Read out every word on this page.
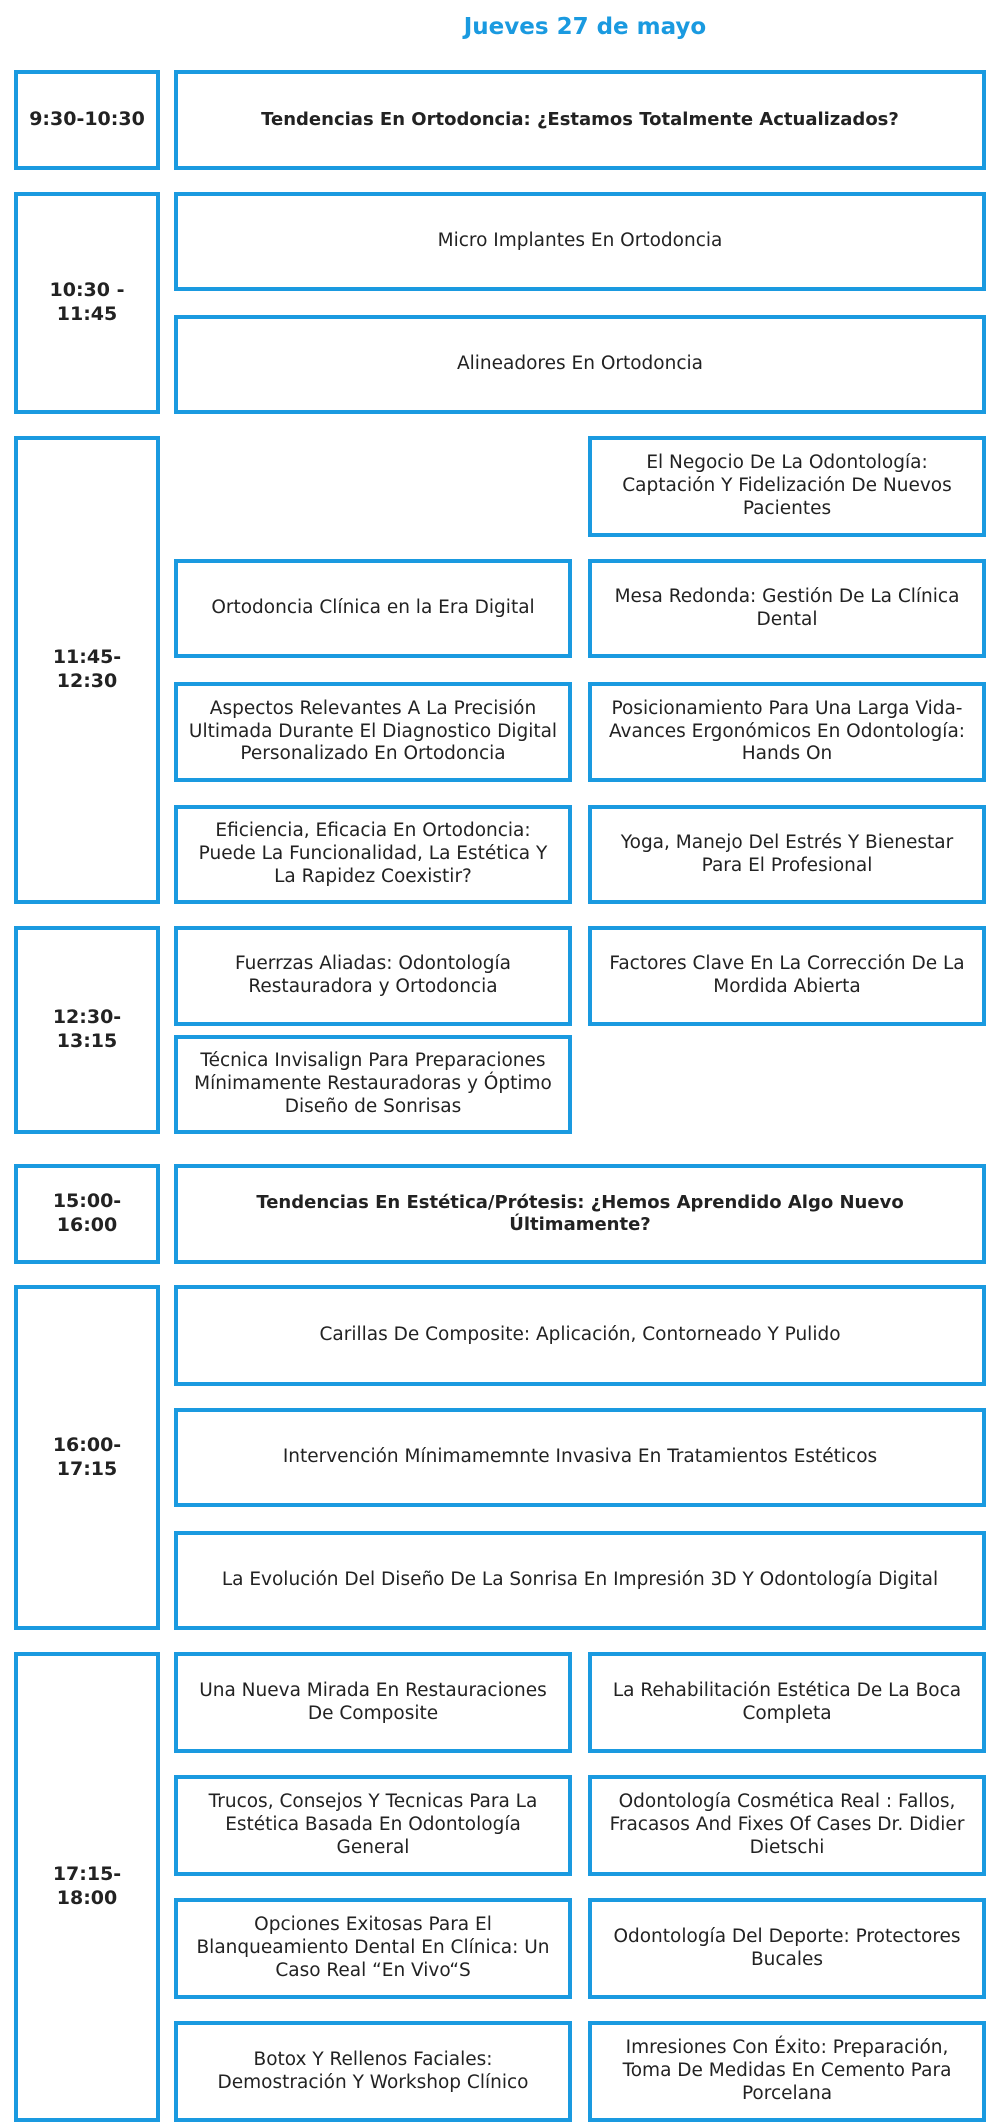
Jueves 27 de mayo
9:30-10:30	Tendencias En Ortodoncia: ¿Estamos Totalmente Actualizados?
10:30 - 11:45
Micro Implantes En Ortodoncia
Alineadores En Ortodoncia
11:45-12:30
El Negocio De La Odontología: Captación Y Fidelización De Nuevos Pacientes
Ortodoncia Clínica en la Era Digital
Mesa Redonda: Gestión De La Clínica Dental
Aspectos Relevantes A La Precisión Ultimada Durante El Diagnostico Digital Personalizado En Ortodoncia
Posicionamiento Para Una Larga Vida- Avances Ergonómicos En Odontología: Hands On
Eficiencia, Eficacia En Ortodoncia: Puede La Funcionalidad, La Estética Y La Rapidez Coexistir?
Yoga, Manejo Del Estrés Y Bienestar Para El Profesional
12:30-13:15
Fuerrzas Aliadas: Odontología Restauradora y Ortodoncia
Factores Clave En La Corrección De La Mordida Abierta
Técnica Invisalign Para Preparaciones Mínimamente Restauradoras y Óptimo Diseño de Sonrisas
15:00-16:00
Tendencias En Estética/Prótesis: ¿Hemos Aprendido Algo Nuevo Últimamente?
16:00-17:15
Carillas De Composite: Aplicación, Contorneado Y Pulido
Intervención Mínimamemnte Invasiva En Tratamientos Estéticos
La Evolución Del Diseño De La Sonrisa En Impresión 3D Y Odontología Digital
17:15-18:00
Una Nueva Mirada En Restauraciones De Composite
La Rehabilitación Estética De La Boca Completa
Trucos, Consejos Y Tecnicas Para La Estética Basada En Odontología General
Odontología Cosmética Real : Fallos, Fracasos And Fixes Of Cases Dr. Didier Dietschi
Opciones Exitosas Para El Blanqueamiento Dental En Clínica: Un Caso Real “En Vivo“S
Odontología Del Deporte: Protectores Bucales
Botox Y Rellenos Faciales: Demostración Y Workshop Clínico
Imresiones Con Éxito: Preparación, Toma De Medidas En Cemento Para Porcelana
